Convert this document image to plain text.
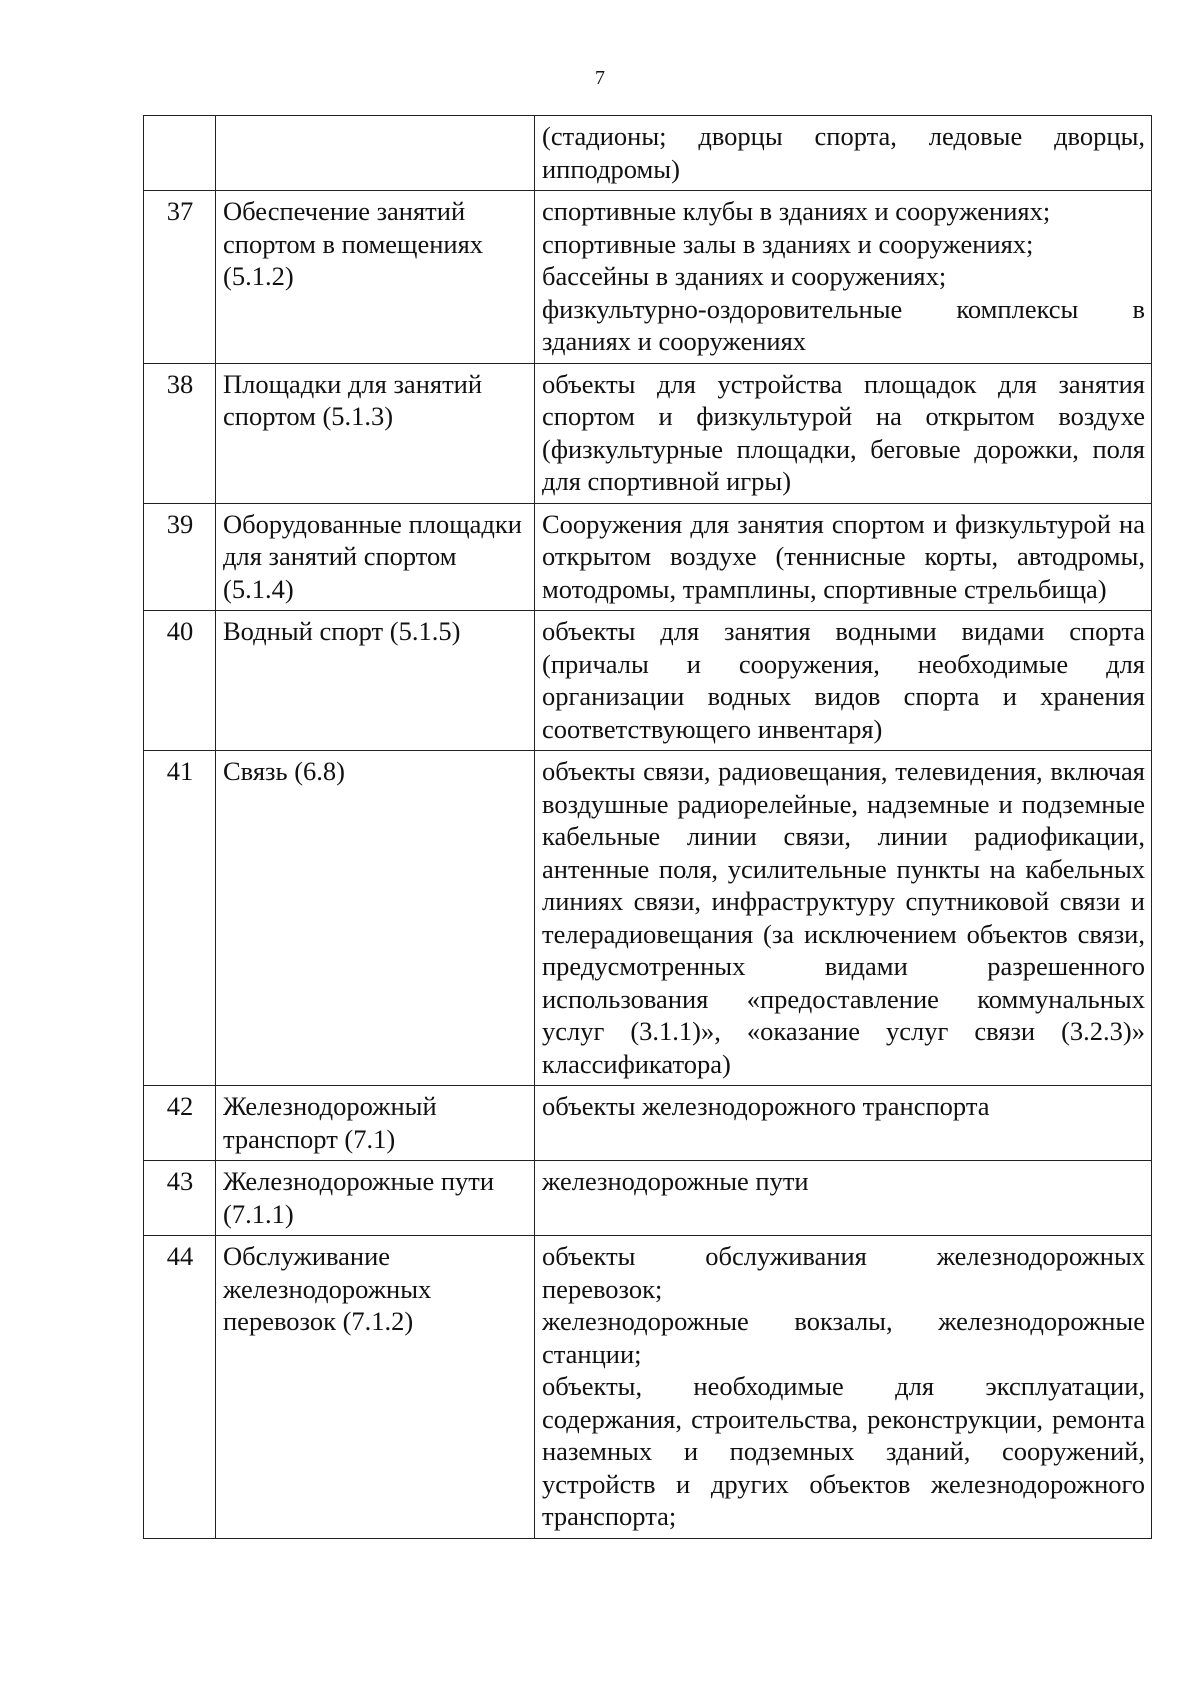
7

		(стадионы; дворцы спорта, ледовые дворцы, ипподромы)

37	Обеспечение занятий спортом в помещениях (5.1.2)	спортивные клубы в зданиях и сооружениях;

спортивные залы в зданиях и сооружениях;

бассейны в зданиях и сооружениях;

физкультурно-оздоровительные комплексы в зданиях и сооружениях

38	Площадки для занятий спортом (5.1.3)	объекты для устройства площадок для занятия спортом и физкультурой на открытом воздухе (физкультурные площадки, беговые дорожки, поля для спортивной игры)

39	Оборудованные площадки для занятий спортом (5.1.4)	Сооружения для занятия спортом и физкультурой на открытом воздухе (теннисные корты, автодромы, мотодромы, трамплины, спортивные стрельбища)

40	Водный спорт (5.1.5)	объекты для занятия водными видами спорта (причалы и сооружения, необходимые для организации водных видов спорта и хранения соответствующего инвентаря)

41	Связь (6.8)	объекты связи, радиовещания, телевидения, включая воздушные радиорелейные, надземные и подземные кабельные линии связи, линии радиофикации, антенные поля, усилительные пункты на кабельных линиях связи, инфраструктуру спутниковой связи и телерадиовещания (за исключением объектов связи, предусмотренных видами разрешенного использования «предоставление коммунальных услуг (3.1.1)», «оказание услуг связи (3.2.3)» классификатора)

42	Железнодорожный транспорт (7.1)	объекты железнодорожного транспорта

43	Железнодорожные пути (7.1.1)	железнодорожные пути

44	Обслуживание железнодорожных перевозок (7.1.2)	объекты обслуживания железнодорожных перевозок;

железнодорожные вокзалы, железнодорожные станции;

объекты, необходимые для эксплуатации, содержания, строительства, реконструкции, ремонта наземных и подземных зданий, сооружений, устройств и других объектов железнодорожного транспорта;
